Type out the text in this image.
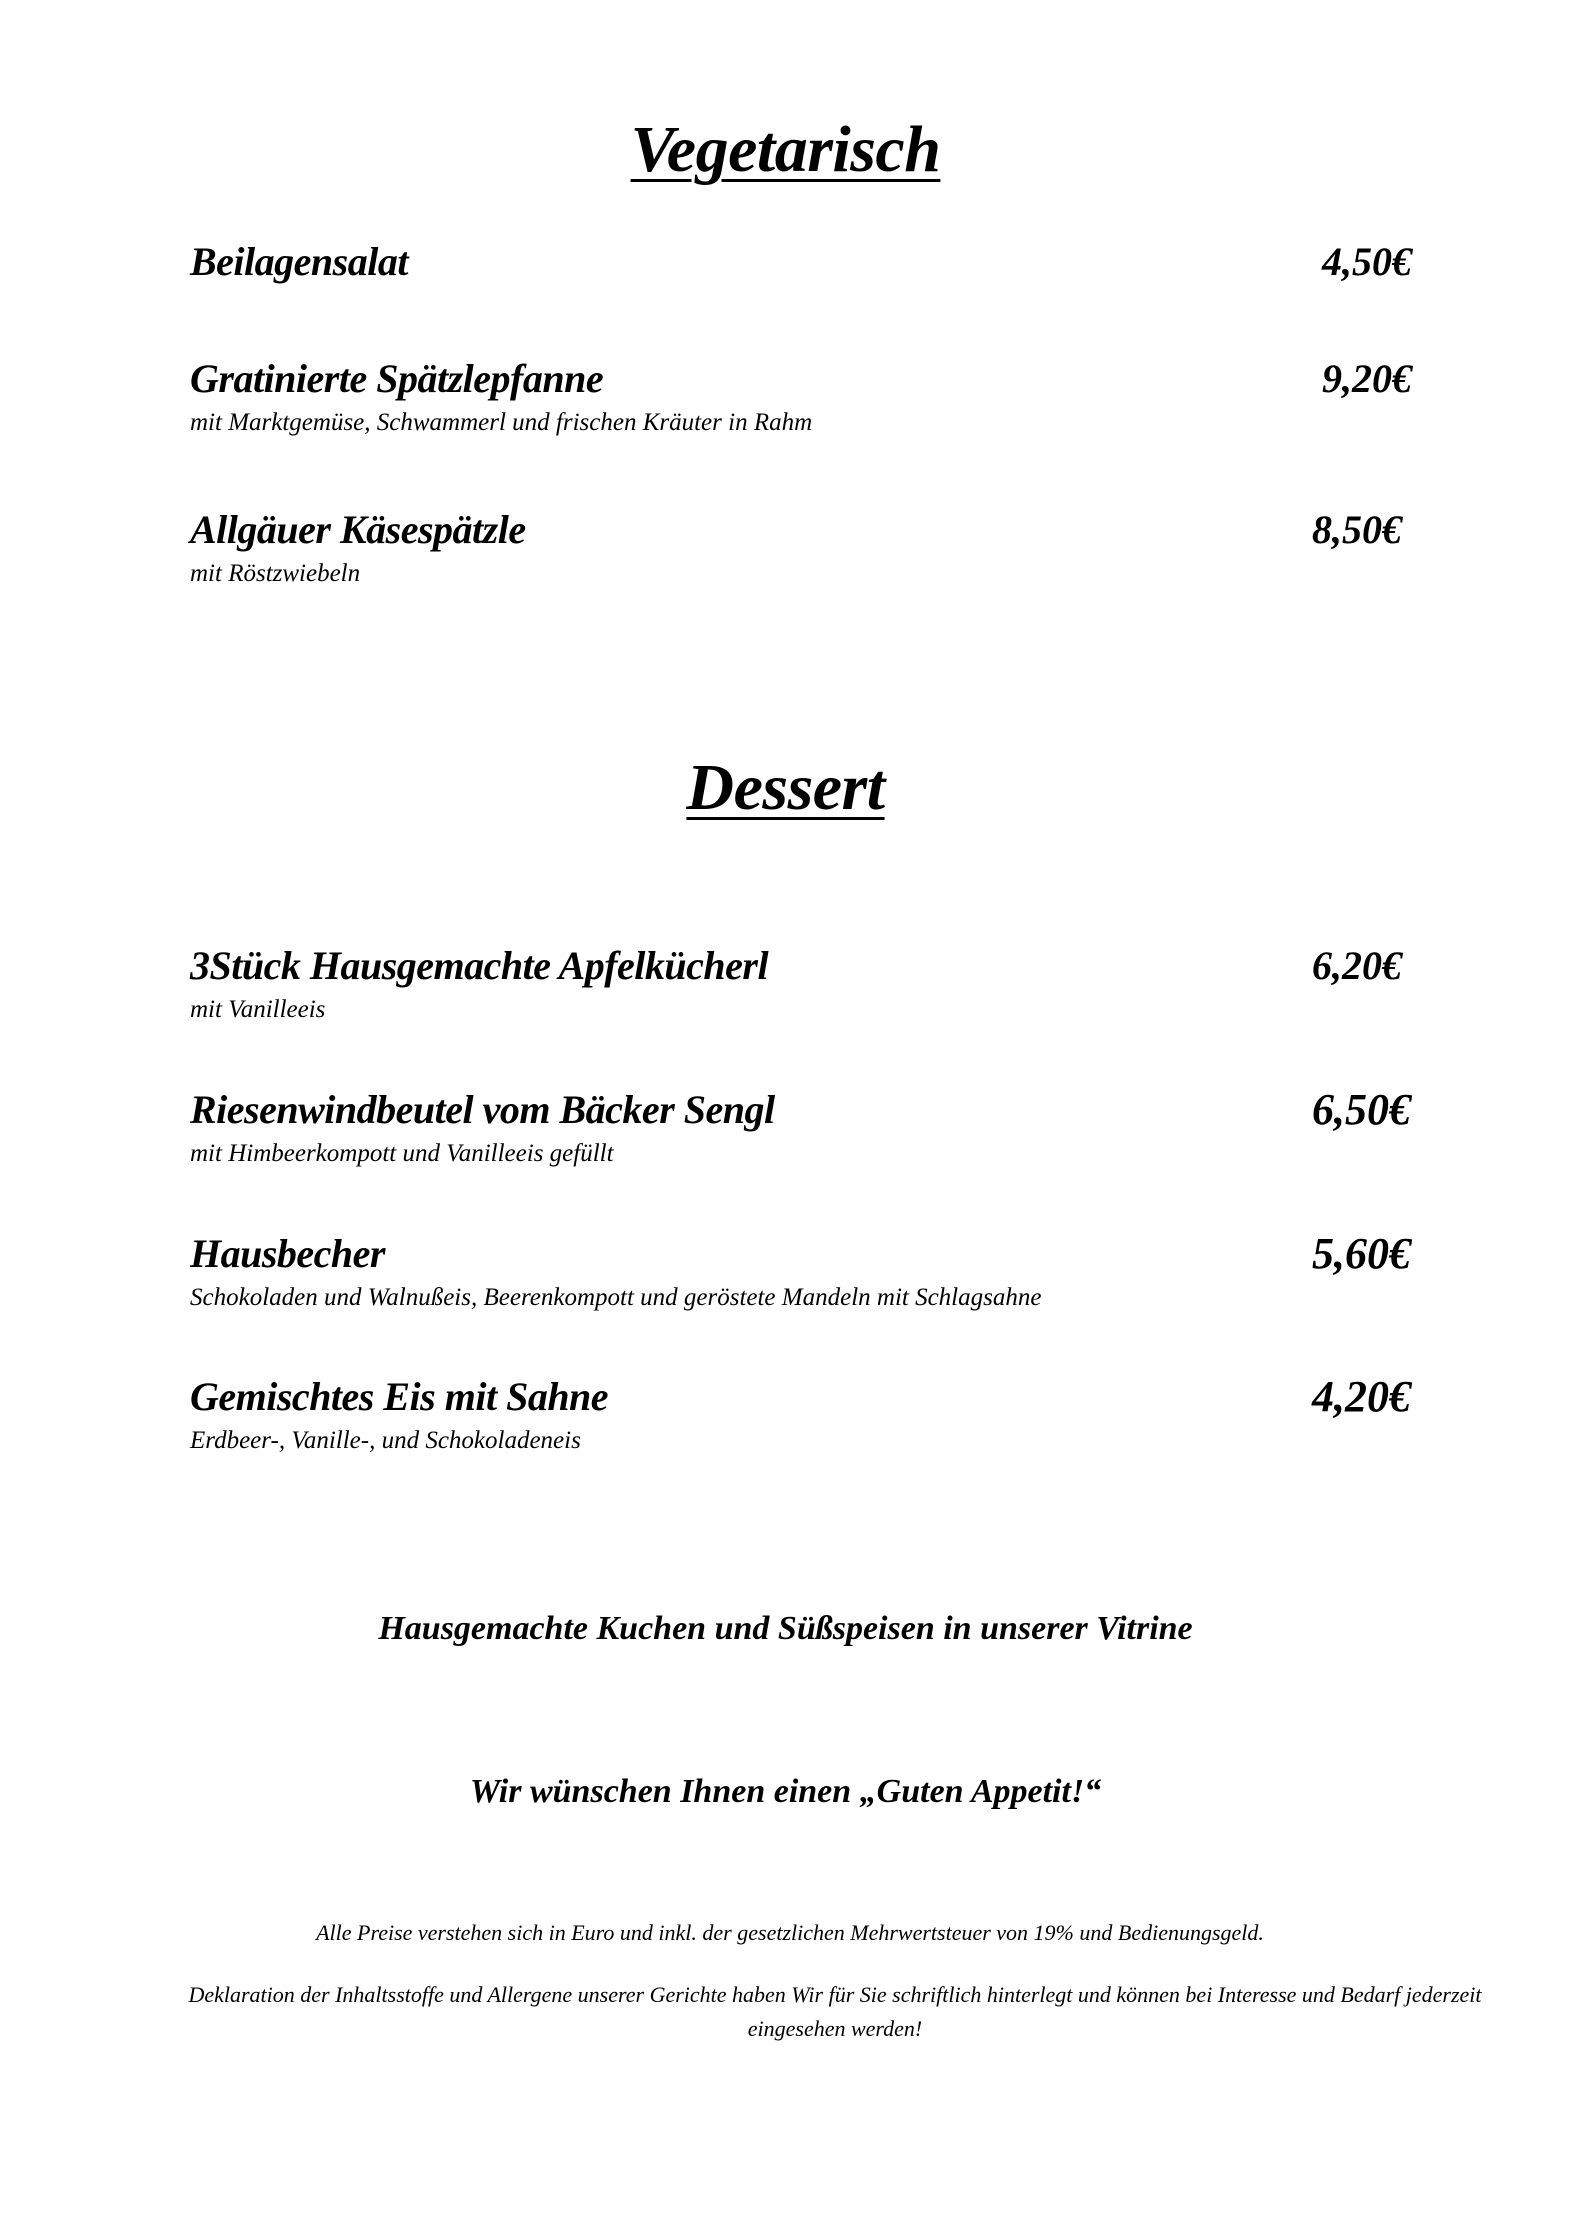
Vegetarisch
Beilagensalat	4,50€
Gratinierte Spätzlepfanne	9,20€
mit Marktgemüse, Schwammerl und frischen Kräuter in Rahm
Allgäuer Käsespätzle	8,50€
mit Röstzwiebeln
Dessert
3Stück Hausgemachte Apfelkücherl	6,20€
mit Vanilleeis
Riesenwindbeutel vom Bäcker Sengl	6,50€
mit Himbeerkompott und Vanilleeis gefüllt
Hausbecher	5,60€
Schokoladen und Walnußeis, Beerenkompott und geröstete Mandeln mit Schlagsahne
Gemischtes Eis mit Sahne	4,20€
Erdbeer-, Vanille-, und Schokoladeneis
Hausgemachte Kuchen und Süßspeisen in unserer Vitrine
Wir wünschen Ihnen einen „Guten Appetit!“
Alle Preise verstehen sich in Euro und inkl. der gesetzlichen Mehrwertsteuer von 19% und Bedienungsgeld.
Deklaration der Inhaltsstoffe und Allergene unserer Gerichte haben Wir für Sie schriftlich hinterlegt und können bei Interesse und Bedarf jederzeit eingesehen werden!
